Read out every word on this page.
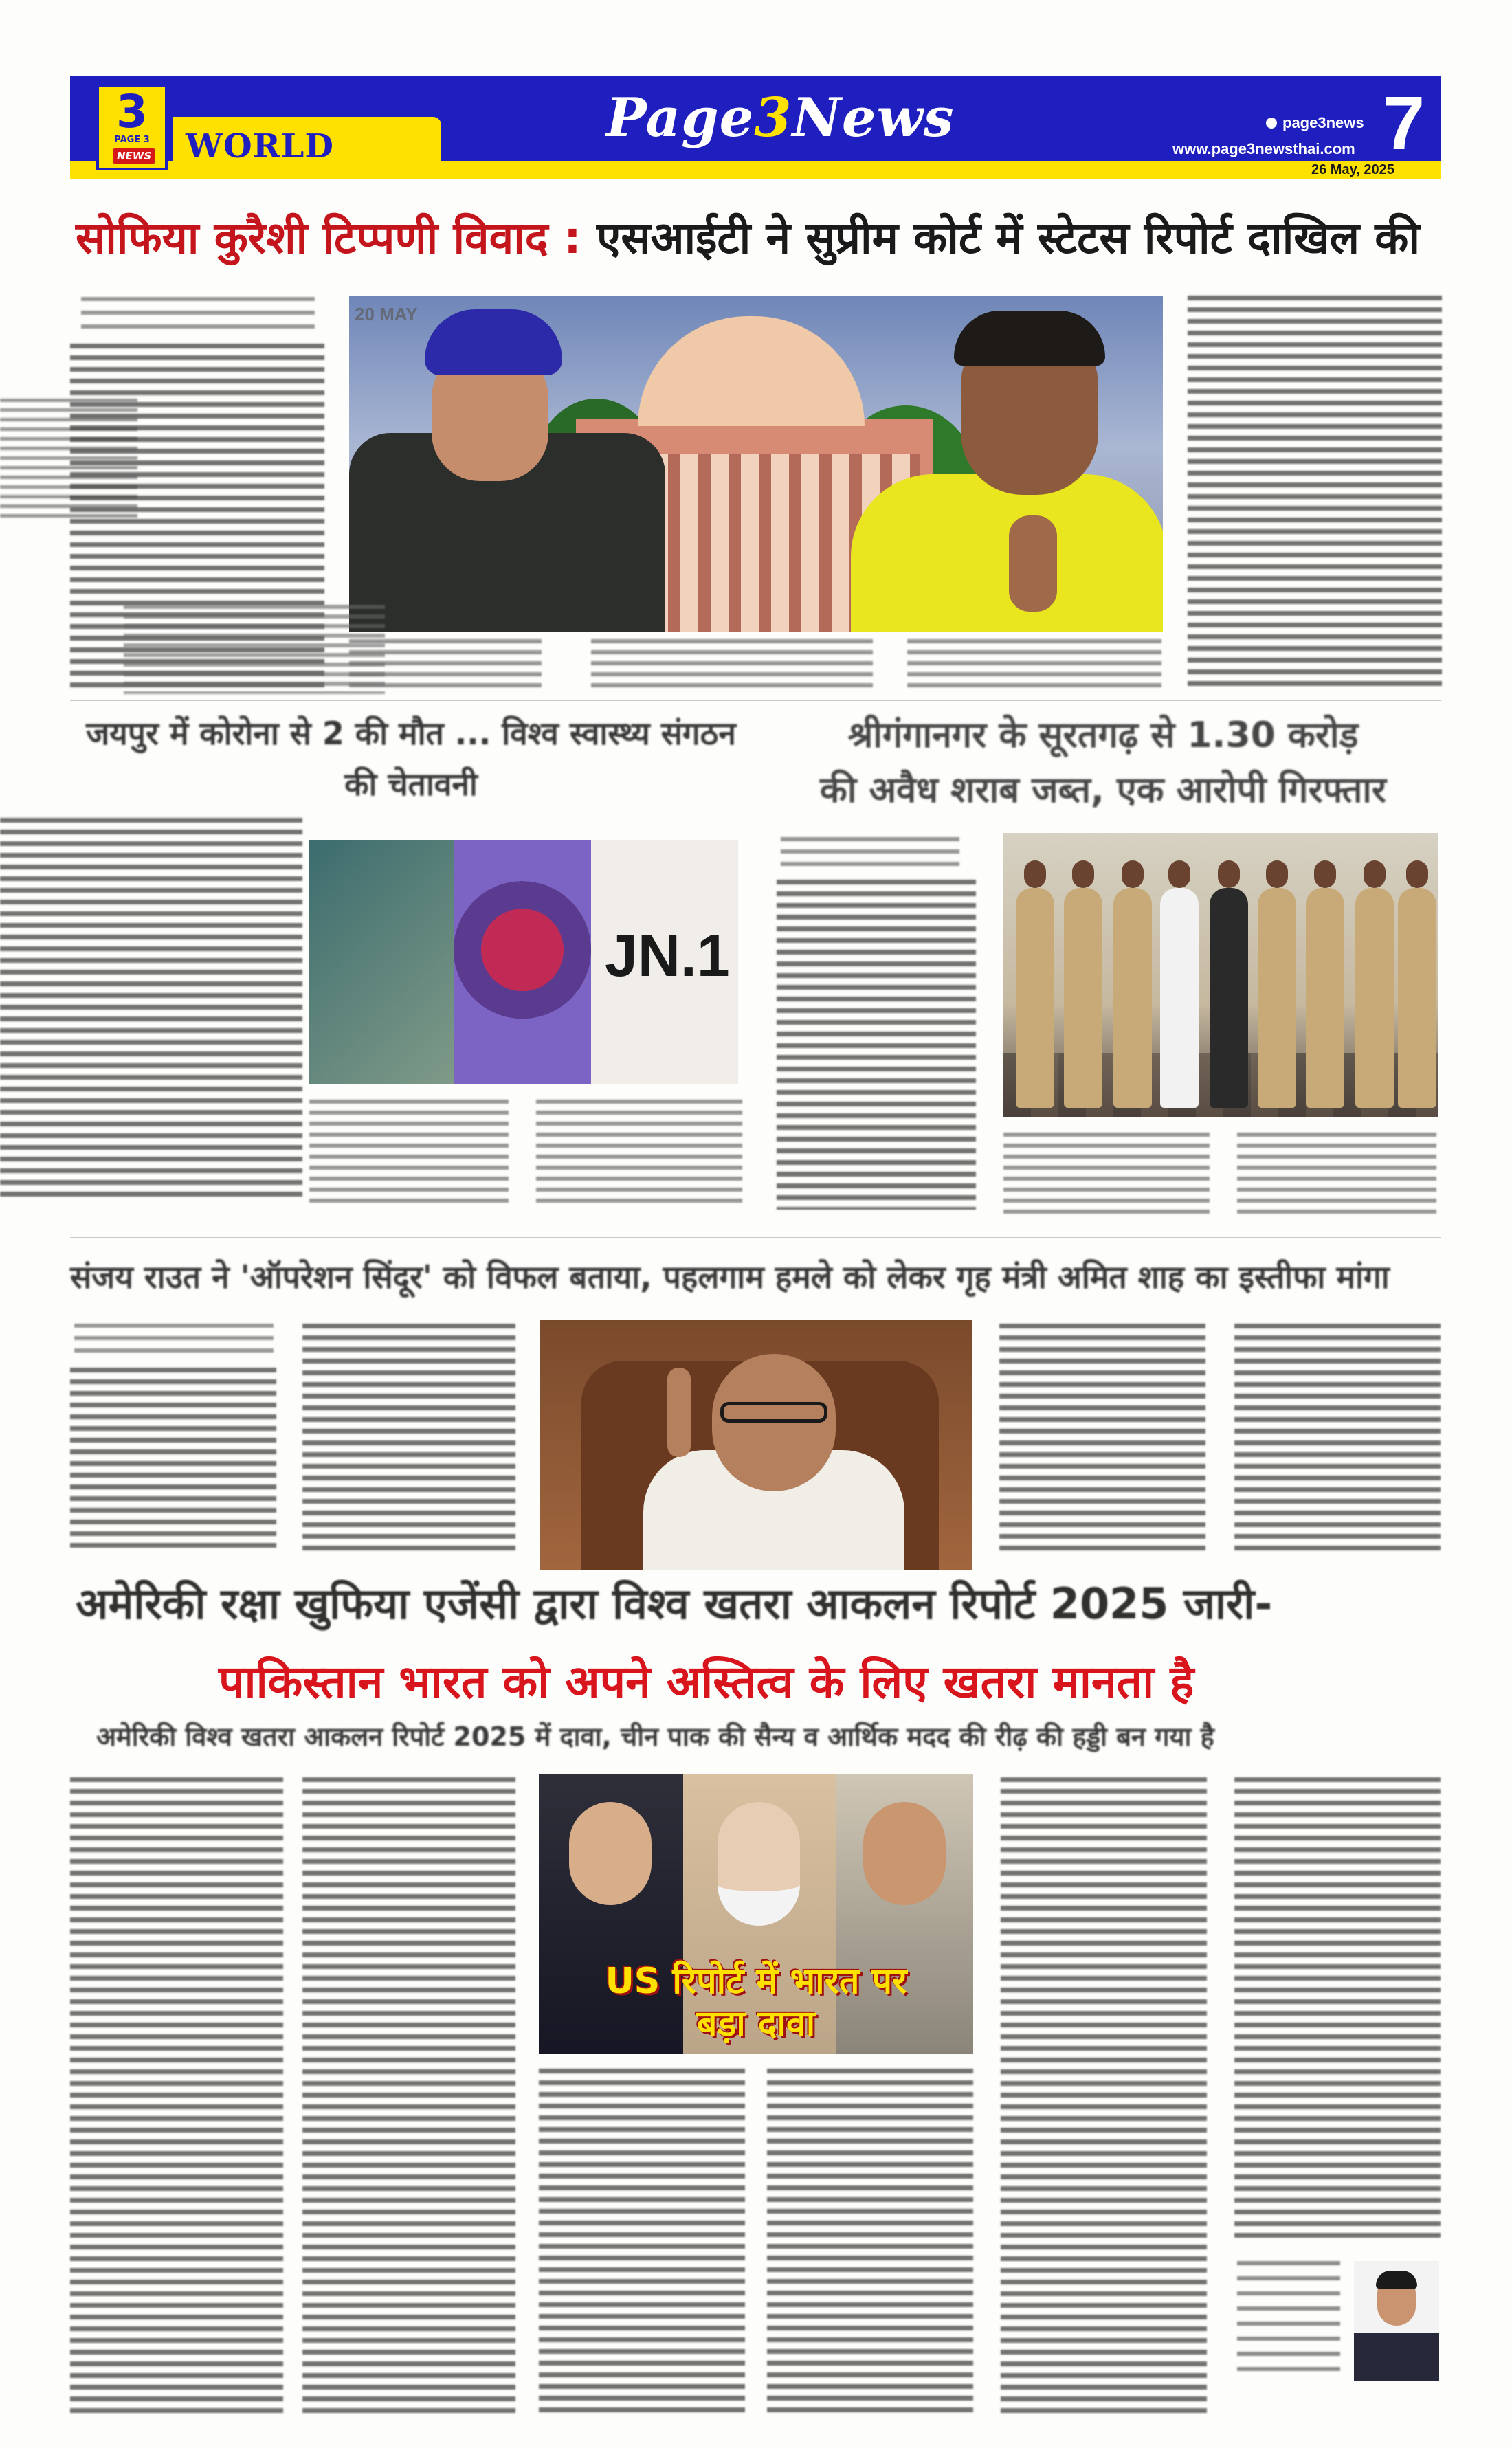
3
PAGE 3
NEWS WORLD	Page3News	page3news
www.page3newsthai.com 7
26 May, 2025
सोफिया कुरैशी टिप्पणी विवाद : एसआईटी ने सुप्रीम कोर्ट में स्टेटस रिपोर्ट दाखिल की
20 MAY
जयपुर में कोरोना से 2 की मौत ... विश्व स्वास्थ्य संगठन की चेतावनी
JN.1
श्रीगंगानगर के सूरतगढ़ से 1.30 करोड़
की अवैध शराब जब्त, एक आरोपी गिरफ्तार
संजय राउत ने 'ऑपरेशन सिंदूर' को विफल बताया, पहलगाम हमले को लेकर गृह मंत्री अमित शाह का इस्तीफा मांगा
अमेरिकी रक्षा खुफिया एजेंसी द्वारा विश्व खतरा आकलन रिपोर्ट 2025 जारी-
पाकिस्तान भारत को अपने अस्तित्व के लिए खतरा मानता है
अमेरिकी विश्व खतरा आकलन रिपोर्ट 2025 में दावा, चीन पाक की सैन्य व आर्थिक मदद की रीढ़ की हड्डी बन गया है
US रिपोर्ट में भारत पर
बड़ा दावा
